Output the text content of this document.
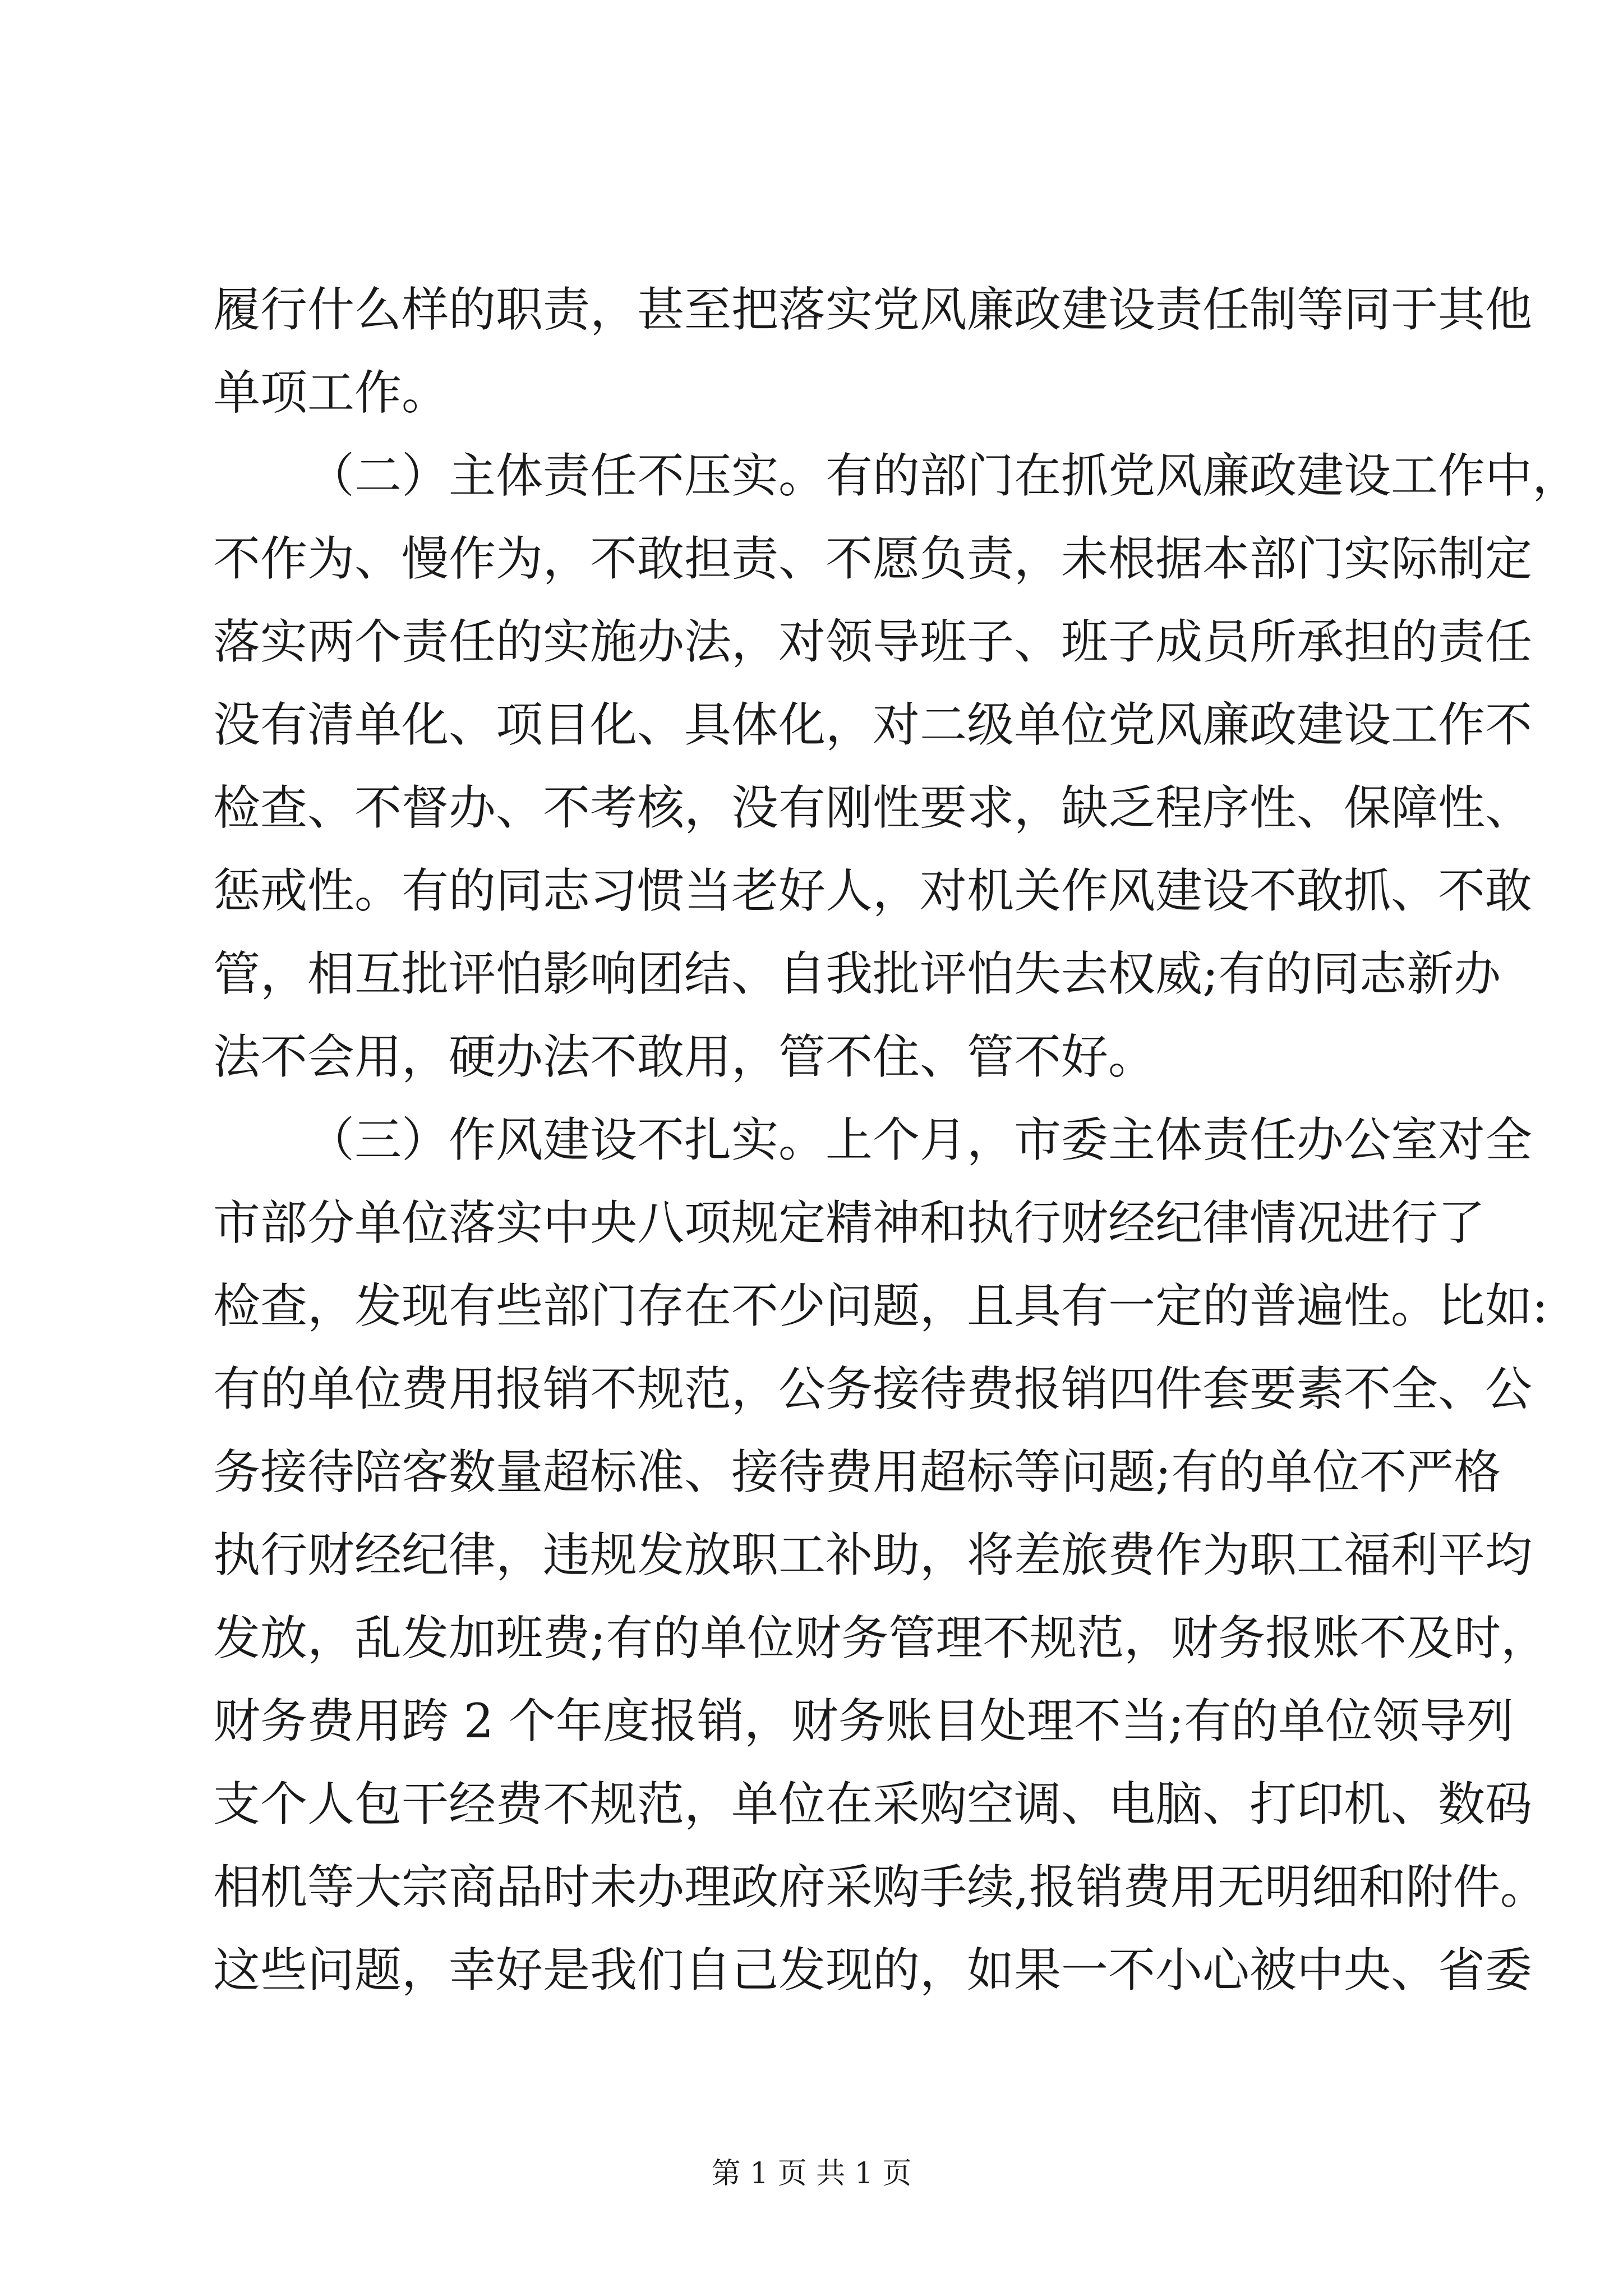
履行什么样的职责，甚至把落实党风廉政建设责任制等同于其他
单项工作。
（二）主体责任不压实。有的部门在抓党风廉政建设工作中，
不作为、慢作为，不敢担责、不愿负责，未根据本部门实际制定
落实两个责任的实施办法，对领导班子、班子成员所承担的责任
没有清单化、项目化、具体化，对二级单位党风廉政建设工作不
检查、不督办、不考核，没有刚性要求，缺乏程序性、保障性、
惩戒性。有的同志习惯当老好人，对机关作风建设不敢抓、不敢
管，相互批评怕影响团结、自我批评怕失去权威;有的同志新办
法不会用，硬办法不敢用，管不住、管不好。
（三）作风建设不扎实。上个月，市委主体责任办公室对全
市部分单位落实中央八项规定精神和执行财经纪律情况进行了
检查，发现有些部门存在不少问题，且具有一定的普遍性。比如:
有的单位费用报销不规范，公务接待费报销四件套要素不全、公
务接待陪客数量超标准、接待费用超标等问题;有的单位不严格
执行财经纪律，违规发放职工补助，将差旅费作为职工福利平均
发放，乱发加班费;有的单位财务管理不规范，财务报账不及时，
财务费用跨 2 个年度报销，财务账目处理不当;有的单位领导列
支个人包干经费不规范，单位在采购空调、电脑、打印机、数码
相机等大宗商品时未办理政府采购手续,报销费用无明细和附件。
这些问题，幸好是我们自己发现的，如果一不小心被中央、省委
第 1 页 共 1 页
